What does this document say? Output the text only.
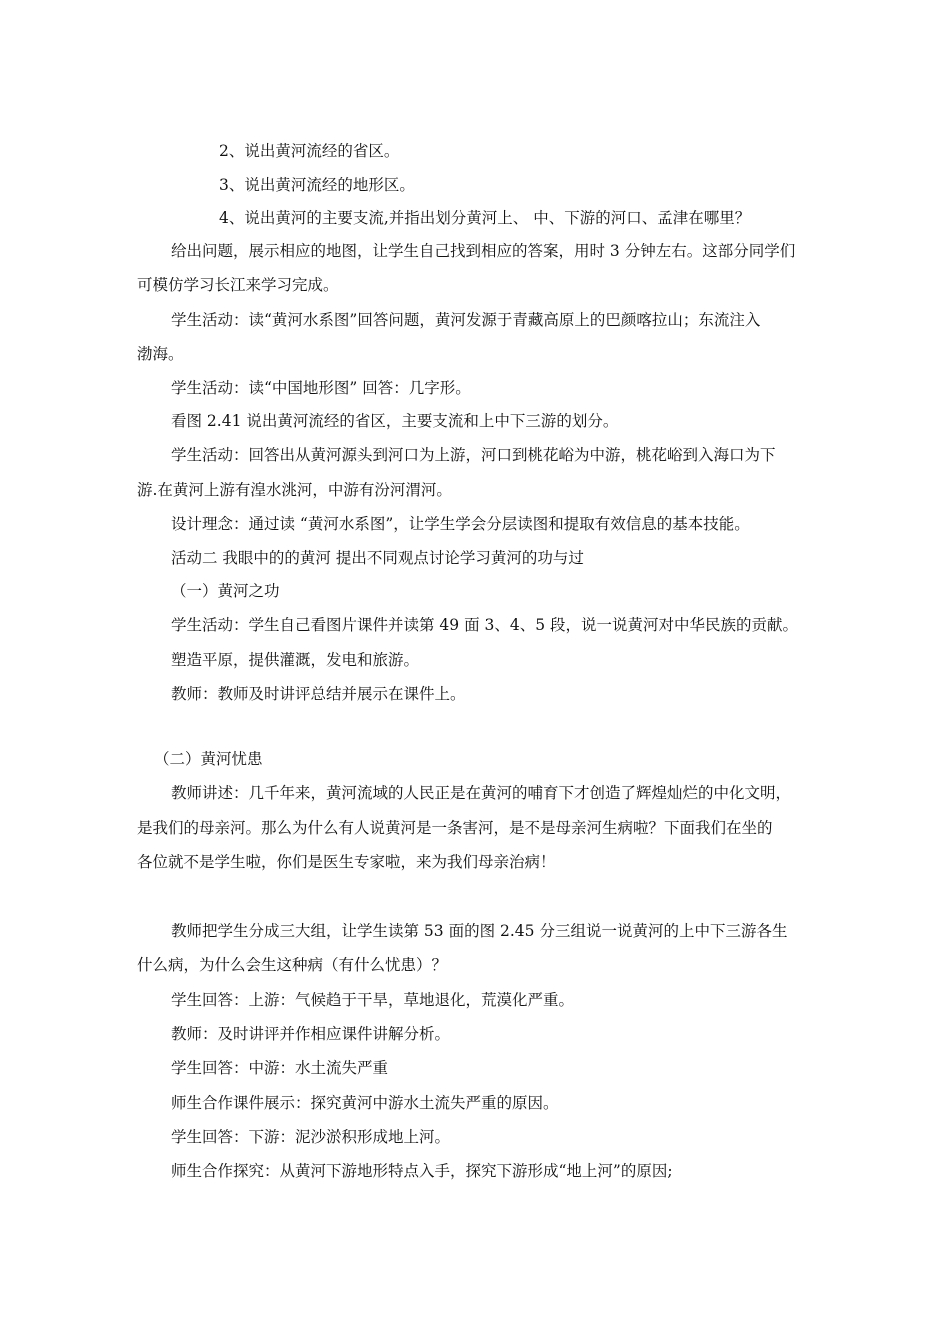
2、说出黄河流经的省区。
3、说出黄河流经的地形区。
4、说出黄河的主要支流,并指出划分黄河上、 中、下游的河口、孟津在哪里？
给出问题，展示相应的地图，让学生自己找到相应的答案，用时 3 分钟左右。这部分同学们
可模仿学习长江来学习完成。
学生活动：读“黄河水系图”回答问题，黄河发源于青藏高原上的巴颜喀拉山；东流注入
渤海。
学生活动：读“中国地形图” 回答：几字形。
看图 2.41 说出黄河流经的省区，主要支流和上中下三游的划分。
学生活动：回答出从黄河源头到河口为上游，河口到桃花峪为中游，桃花峪到入海口为下
游.在黄河上游有湟水洮河，中游有汾河渭河。
设计理念：通过读 “黄河水系图”，让学生学会分层读图和提取有效信息的基本技能。
活动二 我眼中的的黄河 提出不同观点讨论学习黄河的功与过
（一）黄河之功
学生活动：学生自己看图片课件并读第 49 面 3、4、5 段，说一说黄河对中华民族的贡献。
塑造平原，提供灌溉，发电和旅游。
教师：教师及时讲评总结并展示在课件上。
（二）黄河忧患
教师讲述：几千年来，黄河流域的人民正是在黄河的哺育下才创造了辉煌灿烂的中化文明，
是我们的母亲河。那么为什么有人说黄河是一条害河，是不是母亲河生病啦？下面我们在坐的
各位就不是学生啦，你们是医生专家啦，来为我们母亲治病！
教师把学生分成三大组，让学生读第 53 面的图 2.45 分三组说一说黄河的上中下三游各生
什么病，为什么会生这种病（有什么忧患）？
学生回答：上游：气候趋于干旱，草地退化，荒漠化严重。
教师：及时讲评并作相应课件讲解分析。
学生回答：中游：水土流失严重
师生合作课件展示：探究黄河中游水土流失严重的原因。
学生回答：下游：泥沙淤积形成地上河。
师生合作探究：从黄河下游地形特点入手，探究下游形成“地上河”的原因;
